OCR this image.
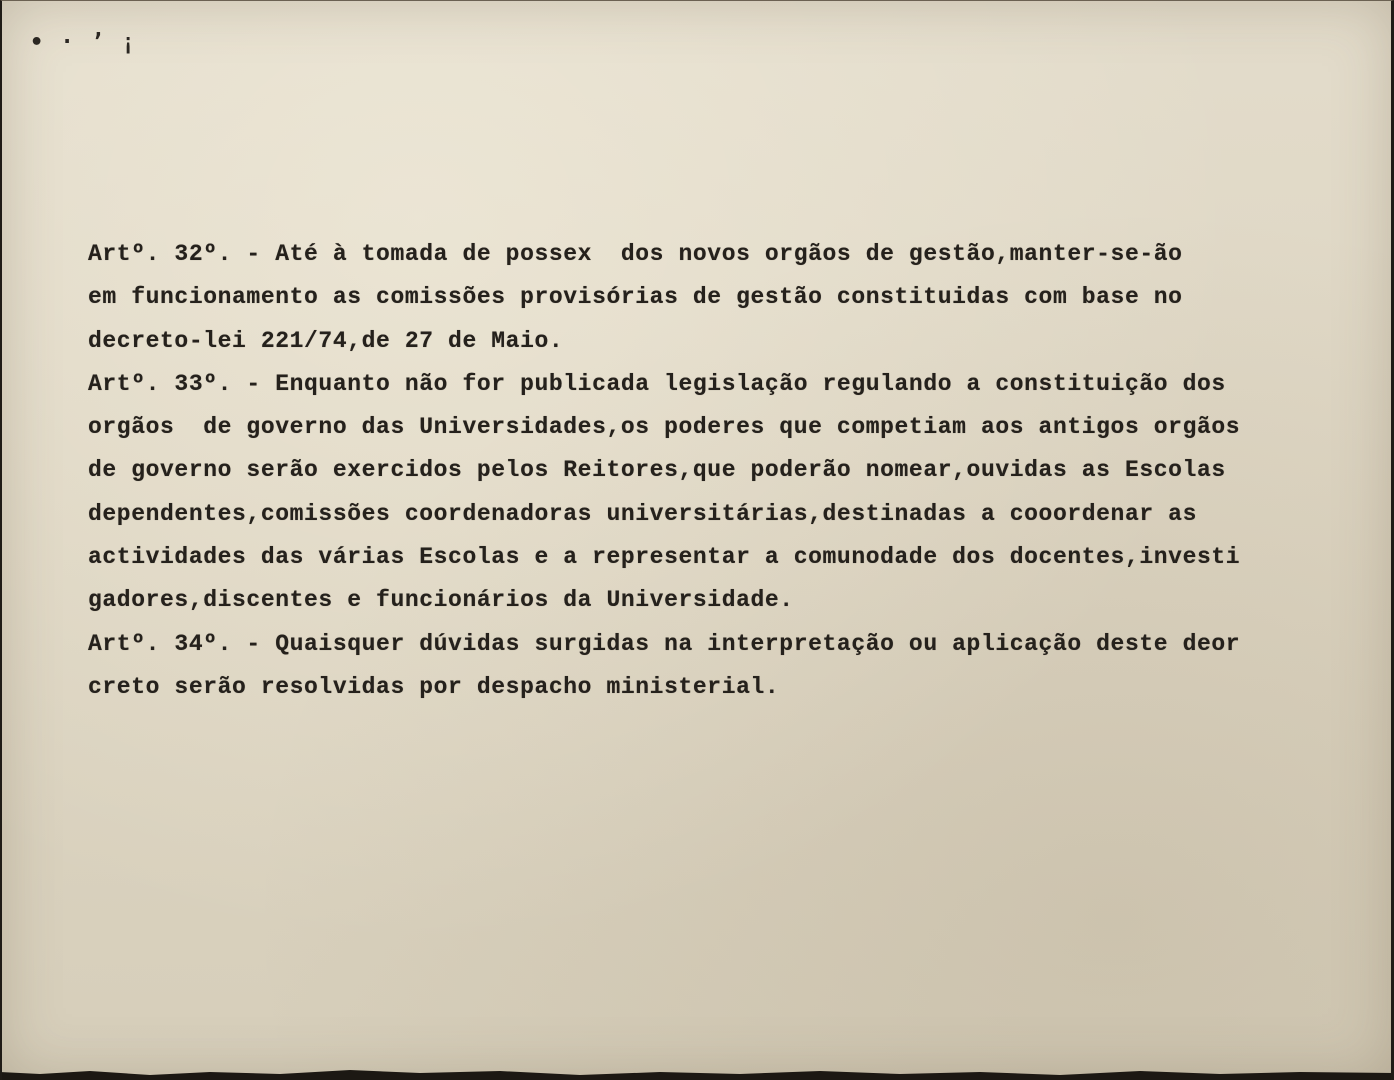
• · ’ ¡
Artº. 32º. - Até à tomada de possex  dos novos orgãos de gestão,manter-se-ão
em funcionamento as comissões provisórias de gestão constituidas com base no
decreto-lei 221/74,de 27 de Maio.
Artº. 33º. - Enquanto não for publicada legislação regulando a constituição dos
orgãos  de governo das Universidades,os poderes que competiam aos antigos orgãos
de governo serão exercidos pelos Reitores,que poderão nomear,ouvidas as Escolas
dependentes,comissões coordenadoras universitárias,destinadas a cooordenar as
actividades das várias Escolas e a representar a comunodade dos docentes,investi
gadores,discentes e funcionários da Universidade.
Artº. 34º. - Quaisquer dúvidas surgidas na interpretação ou aplicação deste deor
creto serão resolvidas por despacho ministerial.
